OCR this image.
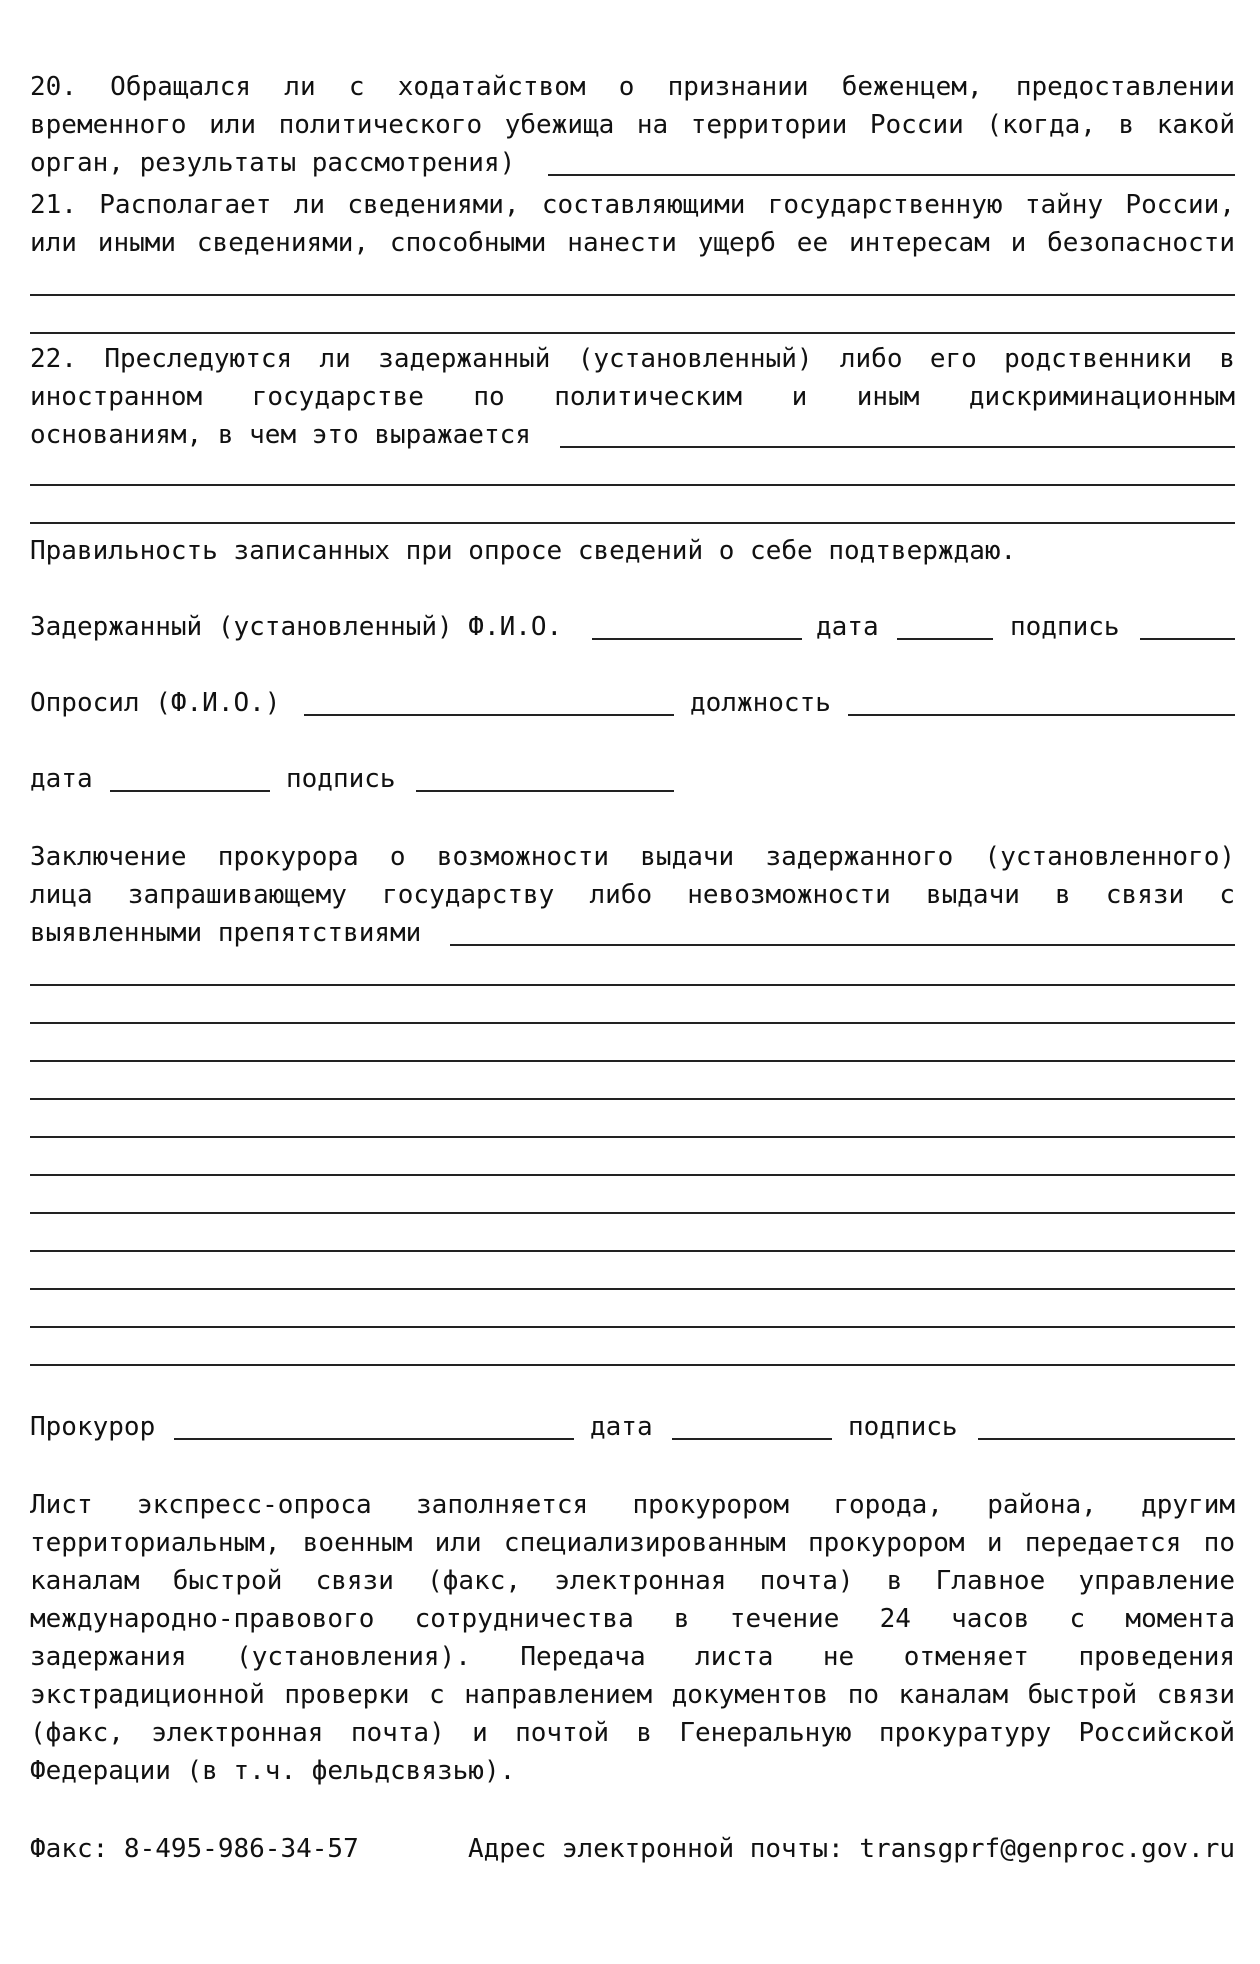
20. Обращался ли с ходатайством о признании беженцем, предоставлении
временного или политического убежища на территории России (когда, в какой
орган, результаты рассмотрения)
21. Располагает ли сведениями, составляющими государственную тайну России,
или иными сведениями, способными нанести ущерб ее интересам и безопасности
22. Преследуются ли задержанный (установленный) либо его родственники в
иностранном государстве по политическим и иным дискриминационным
основаниям, в чем это выражается
Правильность записанных при опросе сведений о себе подтверждаю.
Задержанный (установленный) Ф.И.О.	дата	подпись
Опросил (Ф.И.О.)	должность
дата	подпись
Заключение прокурора о возможности выдачи задержанного (установленного)
лица запрашивающему государству либо невозможности выдачи в связи с
выявленными препятствиями
Прокурор	дата	подпись
Лист экспресс-опроса заполняется прокурором города, района, другим
территориальным, военным или специализированным прокурором и передается по
каналам быстрой связи (факс, электронная почта) в Главное управление
международно-правового сотрудничества в течение 24 часов с момента
задержания (установления). Передача листа не отменяет проведения
экстрадиционной проверки с направлением документов по каналам быстрой связи
(факс, электронная почта) и почтой в Генеральную прокуратуру Российской
Федерации (в т.ч. фельдсвязью).
Факс: 8-495-986-34-57	Адрес электронной почты: transgprf@genproc.gov.ru
